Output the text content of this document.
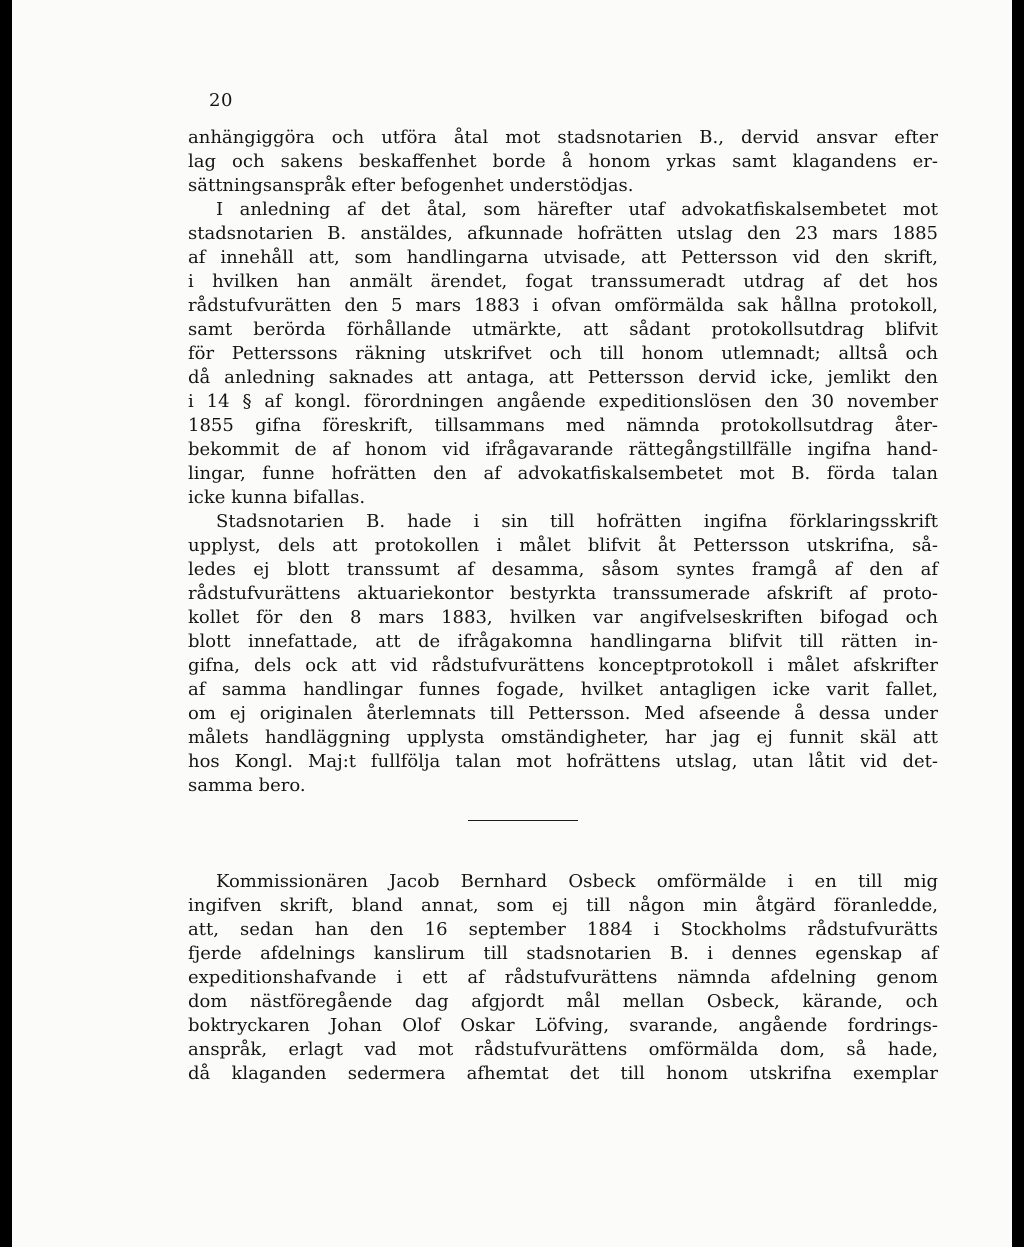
20
anhängiggöra och utföra åtal mot stadsnotarien B., dervid ansvar efter
lag och sakens beskaffenhet borde å honom yrkas samt klagandens er-
sättningsanspråk efter befogenhet understödjas.
I anledning af det åtal, som härefter utaf advokatfiskalsembetet mot
stadsnotarien B. anstäldes, afkunnade hofrätten utslag den 23 mars 1885
af innehåll att, som handlingarna utvisade, att Pettersson vid den skrift,
i hvilken han anmält ärendet, fogat transsumeradt utdrag af det hos
rådstufvurätten den 5 mars 1883 i ofvan omförmälda sak hållna protokoll,
samt berörda förhållande utmärkte, att sådant protokollsutdrag blifvit
för Petterssons räkning utskrifvet och till honom utlemnadt; alltså och
då anledning saknades att antaga, att Pettersson dervid icke, jemlikt den
i 14 § af kongl. förordningen angående expeditionslösen den 30 november
1855 gifna föreskrift, tillsammans med nämnda protokollsutdrag åter-
bekommit de af honom vid ifrågavarande rättegångstillfälle ingifna hand-
lingar, funne hofrätten den af advokatfiskalsembetet mot B. förda talan
icke kunna bifallas.
Stadsnotarien B. hade i sin till hofrätten ingifna förklaringsskrift
upplyst, dels att protokollen i målet blifvit åt Pettersson utskrifna, så-
ledes ej blott transsumt af desamma, såsom syntes framgå af den af
rådstufvurättens aktuariekontor bestyrkta transsumerade afskrift af proto-
kollet för den 8 mars 1883, hvilken var angifvelseskriften bifogad och
blott innefattade, att de ifrågakomna handlingarna blifvit till rätten in-
gifna, dels ock att vid rådstufvurättens konceptprotokoll i målet afskrifter
af samma handlingar funnes fogade, hvilket antagligen icke varit fallet,
om ej originalen återlemnats till Pettersson. Med afseende å dessa under
målets handläggning upplysta omständigheter, har jag ej funnit skäl att
hos Kongl. Maj:t fullfölja talan mot hofrättens utslag, utan låtit vid det-
samma bero.
Kommissionären Jacob Bernhard Osbeck omförmälde i en till mig
ingifven skrift, bland annat, som ej till någon min åtgärd föranledde,
att, sedan han den 16 september 1884 i Stockholms rådstufvurätts
fjerde afdelnings kanslirum till stadsnotarien B. i dennes egenskap af
expeditionshafvande i ett af rådstufvurättens nämnda afdelning genom
dom nästföregående dag afgjordt mål mellan Osbeck, kärande, och
boktryckaren Johan Olof Oskar Löfving, svarande, angående fordrings-
anspråk, erlagt vad mot rådstufvurättens omförmälda dom, så hade,
då klaganden sedermera afhemtat det till honom utskrifna exemplar
